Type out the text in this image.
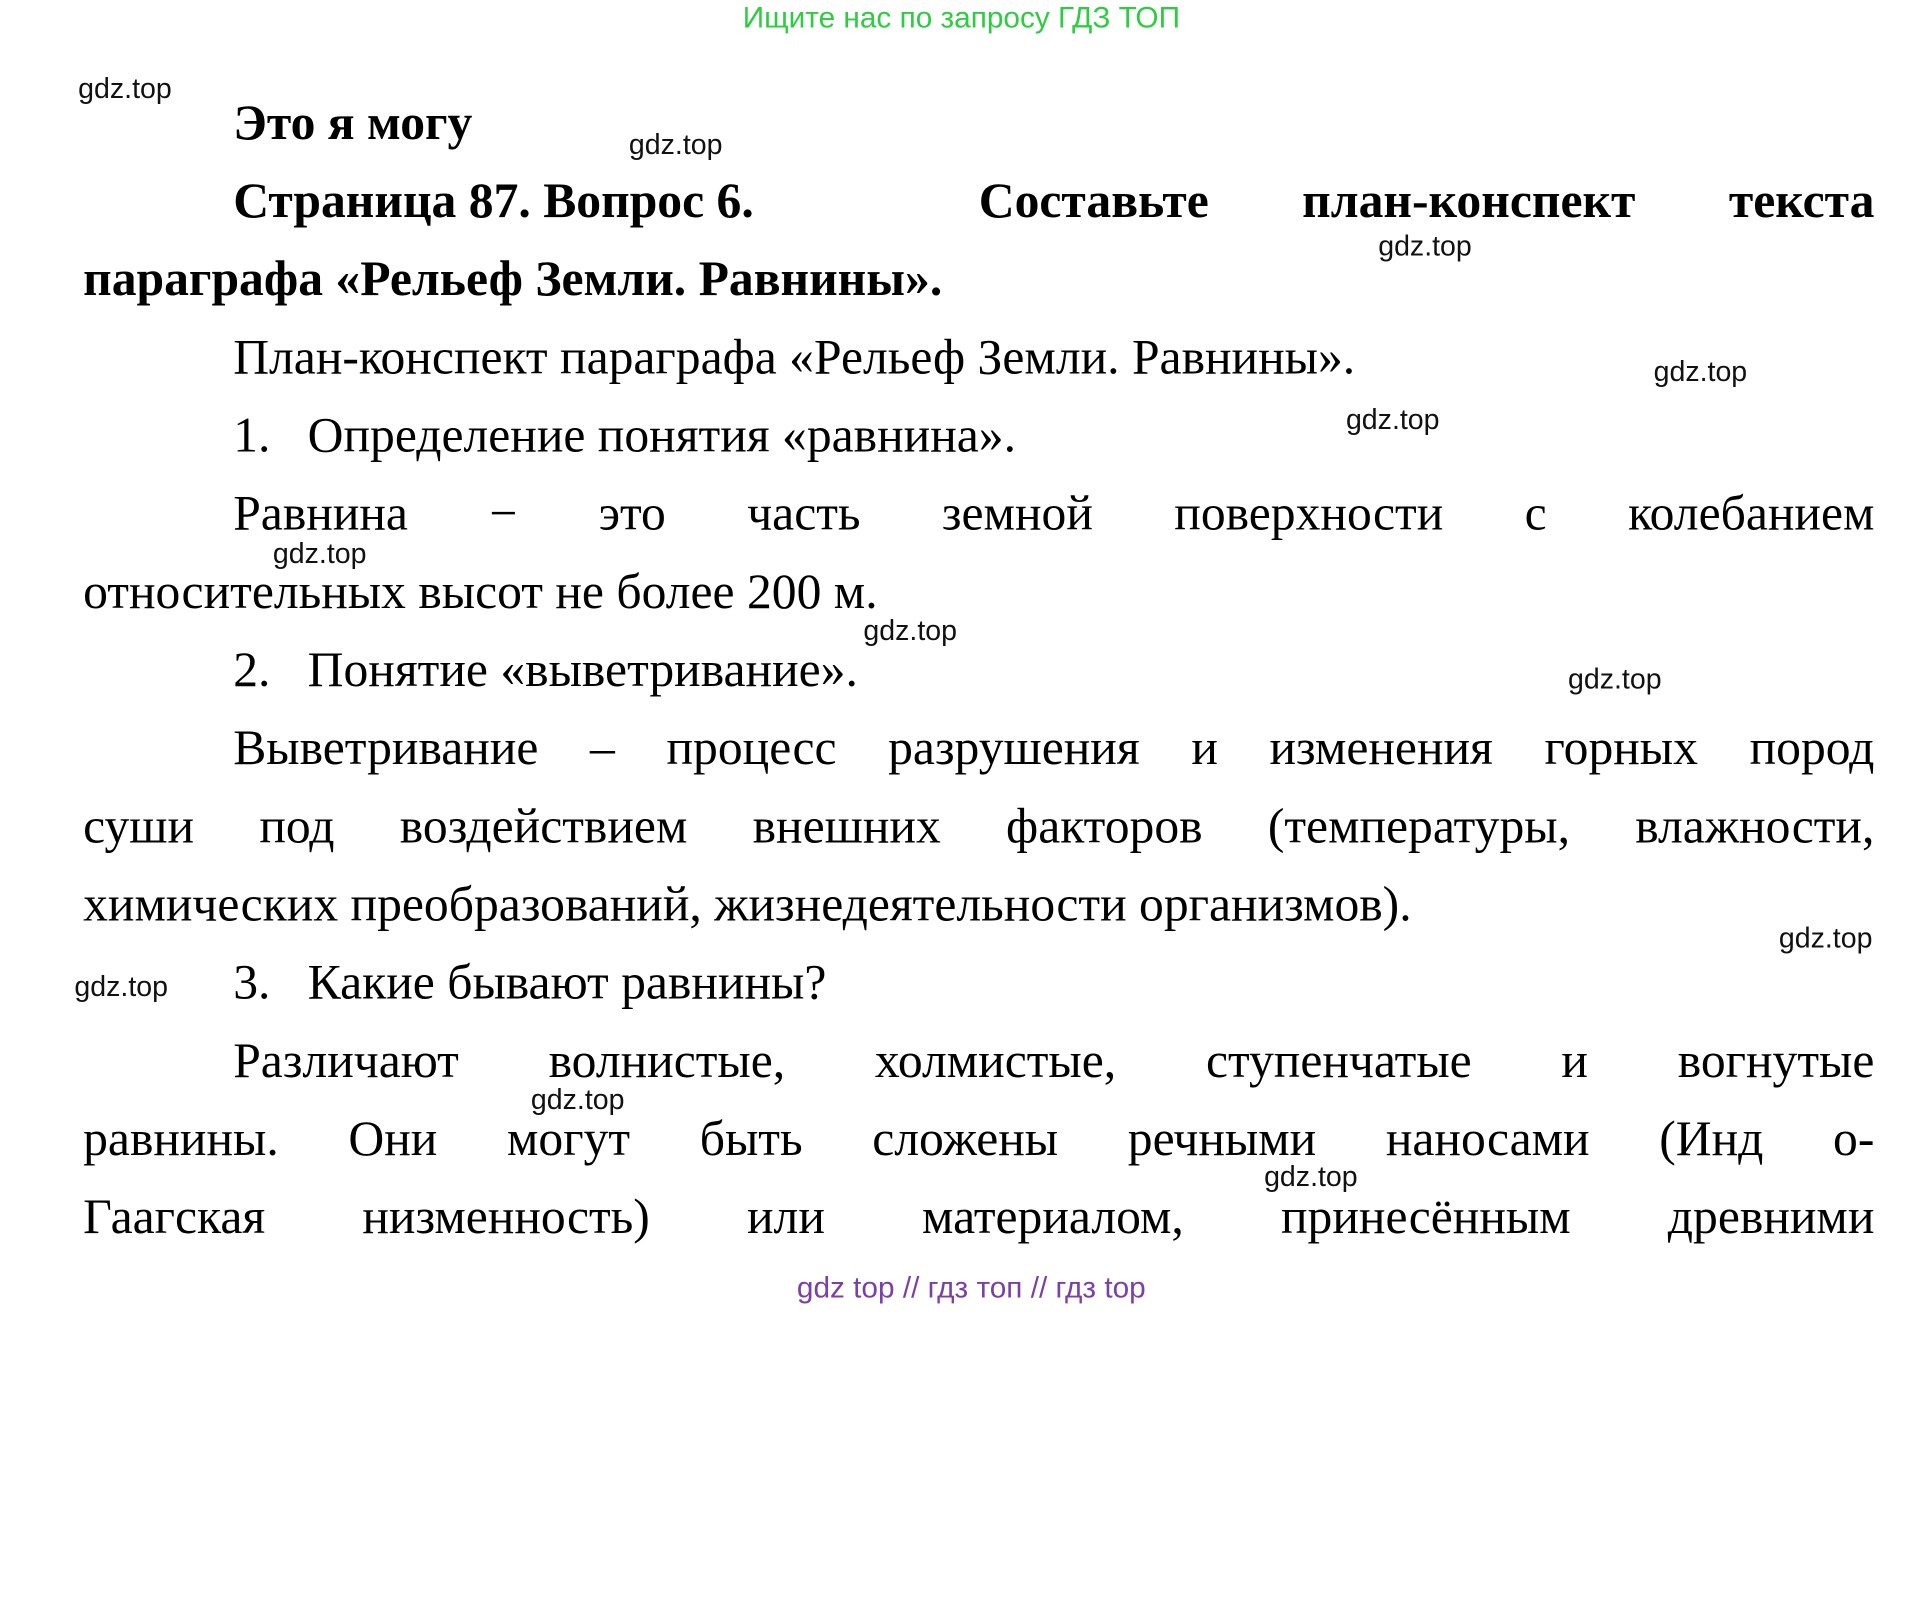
Ищите нас по запросу ГДЗ ТОП
Это я могу
Страница 87. Вопрос 6.	Составьте план-конспект текста
параграфа «Рельеф Земли. Равнины».
План-конспект параграфа «Рельеф Земли. Равнины».
1. Определение понятия «равнина».
Равнина − это часть земной поверхности с колебанием
относительных высот не более 200 м.
2. Понятие «выветривание».
Выветривание – процесс разрушения и изменения горных пород
суши под воздействием внешних факторов (температуры, влажности,
химических преобразований, жизнедеятельности организмов).
3. Какие бывают равнины?
Различают волнистые, холмистые, ступенчатые и вогнутые
равнины. Они могут быть сложены речными наносами (Инд о-
Гаагская низменность) или материалом, принесённым древними
gdz.top
gdz.top
gdz.top
gdz.top
gdz.top
gdz.top
gdz.top
gdz.top
gdz.top
gdz.top
gdz.top
gdz.top
gdz top // гдз топ // гдз top
